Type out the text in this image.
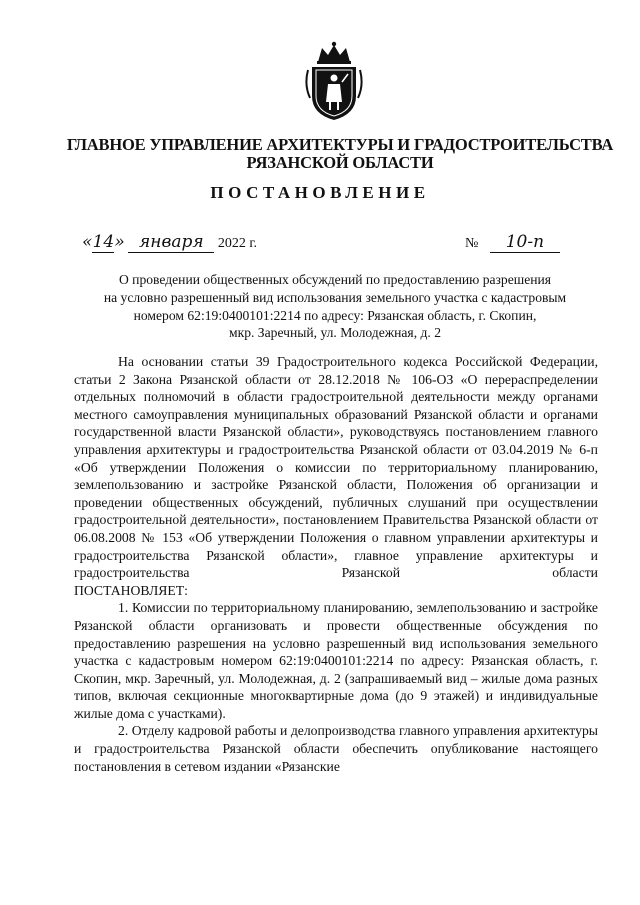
ГЛАВНОЕ УПРАВЛЕНИЕ АРХИТЕКТУРЫ И ГРАДОСТРОИТЕЛЬСТВА
РЯЗАНСКОЙ ОБЛАСТИ
ПОСТАНОВЛЕНИЕ
«14» января 2022 г.	№ 10-п
О проведении общественных обсуждений по предоставлению разрешения
на условно разрешенный вид использования земельного участка с кадастровым
номером 62:19:0400101:2214 по адресу: Рязанская область, г. Скопин,
мкр. Заречный, ул. Молодежная, д. 2

На основании статьи 39 Градостроительного кодекса Российской Федерации, статьи 2 Закона Рязанской области от 28.12.2018 № 106-ОЗ «О перераспределении отдельных полномочий в области градостроительной деятельности между органами местного самоуправления муниципальных образований Рязанской области и органами государственной власти Рязанской области», руководствуясь постановлением главного управления архитектуры и градостроительства Рязанской области от 03.04.2019 № 6-п «Об утверждении Положения о комиссии по территориальному планированию, землепользованию и застройке Рязанской области, Положения об организации и проведении общественных обсуждений, публичных слушаний при осуществлении градостроительной деятельности», постановлением Правительства Рязанской области от 06.08.2008 № 153 «Об утверждении Положения о главном управлении архитектуры и градостроительства Рязанской области», главное управление архитектуры и градостроительства Рязанской области

ПОСТАНОВЛЯЕТ:

1. Комиссии по территориальному планированию, землепользованию и застройке Рязанской области организовать и провести общественные обсуждения по предоставлению разрешения на условно разрешенный вид использования земельного участка с кадастровым номером 62:19:0400101:2214 по адресу: Рязанская область, г. Скопин, мкр. Заречный, ул. Молодежная, д. 2 (запрашиваемый вид – жилые дома разных типов, включая секционные многоквартирные дома (до 9 этажей) и индивидуальные жилые дома с участками).

2. Отделу кадровой работы и делопроизводства главного управления архитектуры и градостроительства Рязанской области обеспечить опубликование настоящего постановления в сетевом издании «Рязанские
